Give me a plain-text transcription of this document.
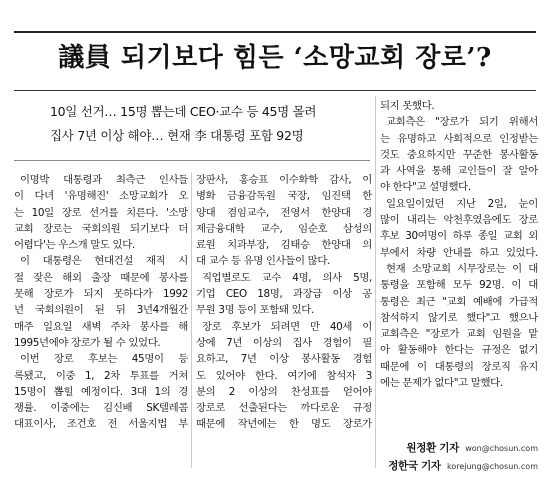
議員 되기보다 힘든 ‘소망교회 장로’?
10일 선거… 15명 뽑는데 CEO·교수 등 45명 몰려
집사 7년 이상 해야… 현재 李 대통령 포함 92명
이명박 대통령과 최측근 인사들
이 다녀 '유명해진' 소망교회가 오
는 10일 장로 선거를 치른다. '소망
교회 장로는 국회의원 되기보다 더
어렵다'는 우스개 말도 있다.
이 대통령은 현대건설 재직 시
절 잦은 해외 출장 때문에 봉사를
못해 장로가 되지 못하다가 1992
년 국회의원이 된 뒤 3년4개월간
매주 일요일 새벽 주차 봉사를 해
1995년에야 장로가 될 수 있었다.
이번 장로 후보는 45명이 등
록됐고, 이중 1, 2차 투표를 거쳐
15명이 뽑힐 예정이다. 3대 1의 경
쟁률. 이중에는 김신배 SK텔레콤
대표이사, 조건호 전 서울지법 부
장판사, 홍승표 이수화학 감사, 이
병화 금융감독원 국장, 임진택 한
양대 겸임교수, 전영서 한양대 경
제금융대학 교수, 임순호 삼성의
료원 치과부장, 김태승 한양대 의
대 교수 등 유명 인사들이 많다.
직업별로도 교수 4명, 의사 5명,
기업 CEO 18명, 과장급 이상 공
무원 3명 등이 포함돼 있다.
장로 후보가 되려면 만 40세 이
상에 7년 이상의 집사 경험이 필
요하고, 7년 이상 봉사활동 경험
도 있어야 한다. 여기에 참석자 3
분의 2 이상의 찬성표를 얻어야
장로로 선출된다는 까다로운 규정
때문에 작년에는 한 명도 장로가
되지 못했다.
교회측은 "장로가 되기 위해서
는 유명하고 사회적으로 인정받는
것도 중요하지만 꾸준한 봉사활동
과 사역을 통해 교인들이 잘 알아
야 한다"고 설명했다.
일요일이었던 지난 2일, 눈이
많이 내리는 악천후였음에도 장로
후보 30여명이 하루 종일 교회 외
부에서 차량 안내를 하고 있었다.
현재 소망교회 시무장로는 이 대
통령을 포함해 모두 92명. 이 대
통령은 최근 "교회 예배에 가급적
참석하지 않기로 했다"고 했으나
교회측은 "장로가 교회 임원을 맡
아 활동해야 한다는 규정은 없기
때문에 이 대통령의 장로직 유지
에는 문제가 없다"고 말했다.
원정환 기자 won@chosun.com
정한국 기자 korejung@chosun.com
